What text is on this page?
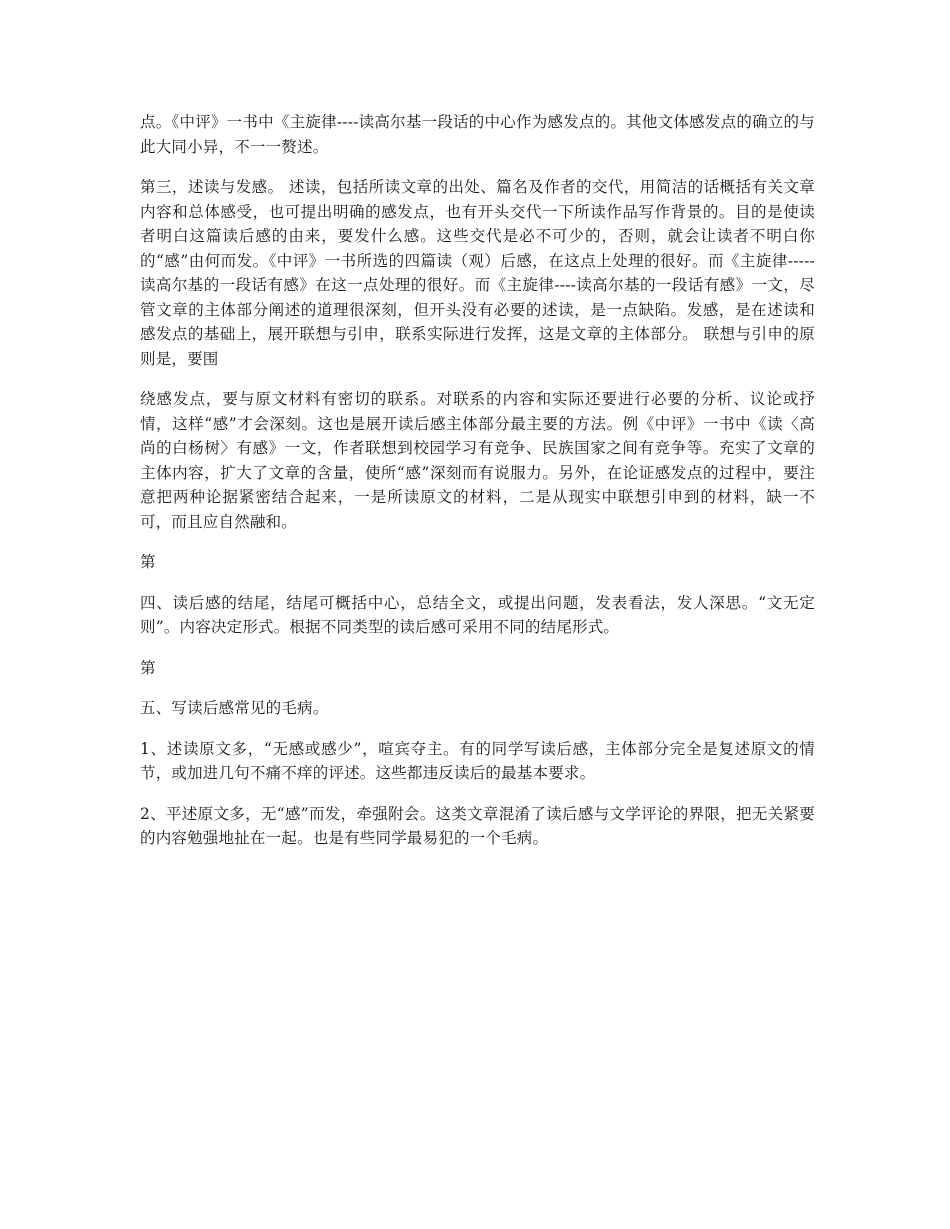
点。《中评》一书中《主旋律----读高尔基一段话的中心作为感发点的。其他文体感发点的确立的与此大同小异，不一一赘述。

第三，述读与发感。 述读，包括所读文章的出处、篇名及作者的交代，用简洁的话概括有关文章内容和总体感受，也可提出明确的感发点，也有开头交代一下所读作品写作背景的。目的是使读者明白这篇读后感的由来，要发什么感。这些交代是必不可少的，否则，就会让读者不明白你的“感”由何而发。《中评》一书所选的四篇读（观）后感，在这点上处理的很好。而《主旋律-----读高尔基的一段话有感》在这一点处理的很好。而《主旋律----读高尔基的一段话有感》一文，尽管文章的主体部分阐述的道理很深刻，但开头没有必要的述读，是一点缺陷。发感，是在述读和感发点的基础上，展开联想与引申，联系实际进行发挥，这是文章的主体部分。 联想与引申的原则是，要围

绕感发点，要与原文材料有密切的联系。对联系的内容和实际还要进行必要的分析、议论或抒情，这样“感”才会深刻。这也是展开读后感主体部分最主要的方法。例《中评》一书中《读〈高尚的白杨树〉有感》一文，作者联想到校园学习有竞争、民族国家之间有竞争等。充实了文章的主体内容，扩大了文章的含量，使所“感”深刻而有说服力。另外，在论证感发点的过程中，要注意把两种论据紧密结合起来，一是所读原文的材料，二是从现实中联想引申到的材料，缺一不可，而且应自然融和。

第

四、读后感的结尾，结尾可概括中心，总结全文，或提出问题，发表看法，发人深思。“文无定则”。内容决定形式。根据不同类型的读后感可采用不同的结尾形式。

第

五、写读后感常见的毛病。

1、述读原文多，“无感或感少”，喧宾夺主。有的同学写读后感，主体部分完全是复述原文的情节，或加进几句不痛不痒的评述。这些都违反读后的最基本要求。

2、平述原文多，无“感”而发，牵强附会。这类文章混淆了读后感与文学评论的界限，把无关紧要的内容勉强地扯在一起。也是有些同学最易犯的一个毛病。
